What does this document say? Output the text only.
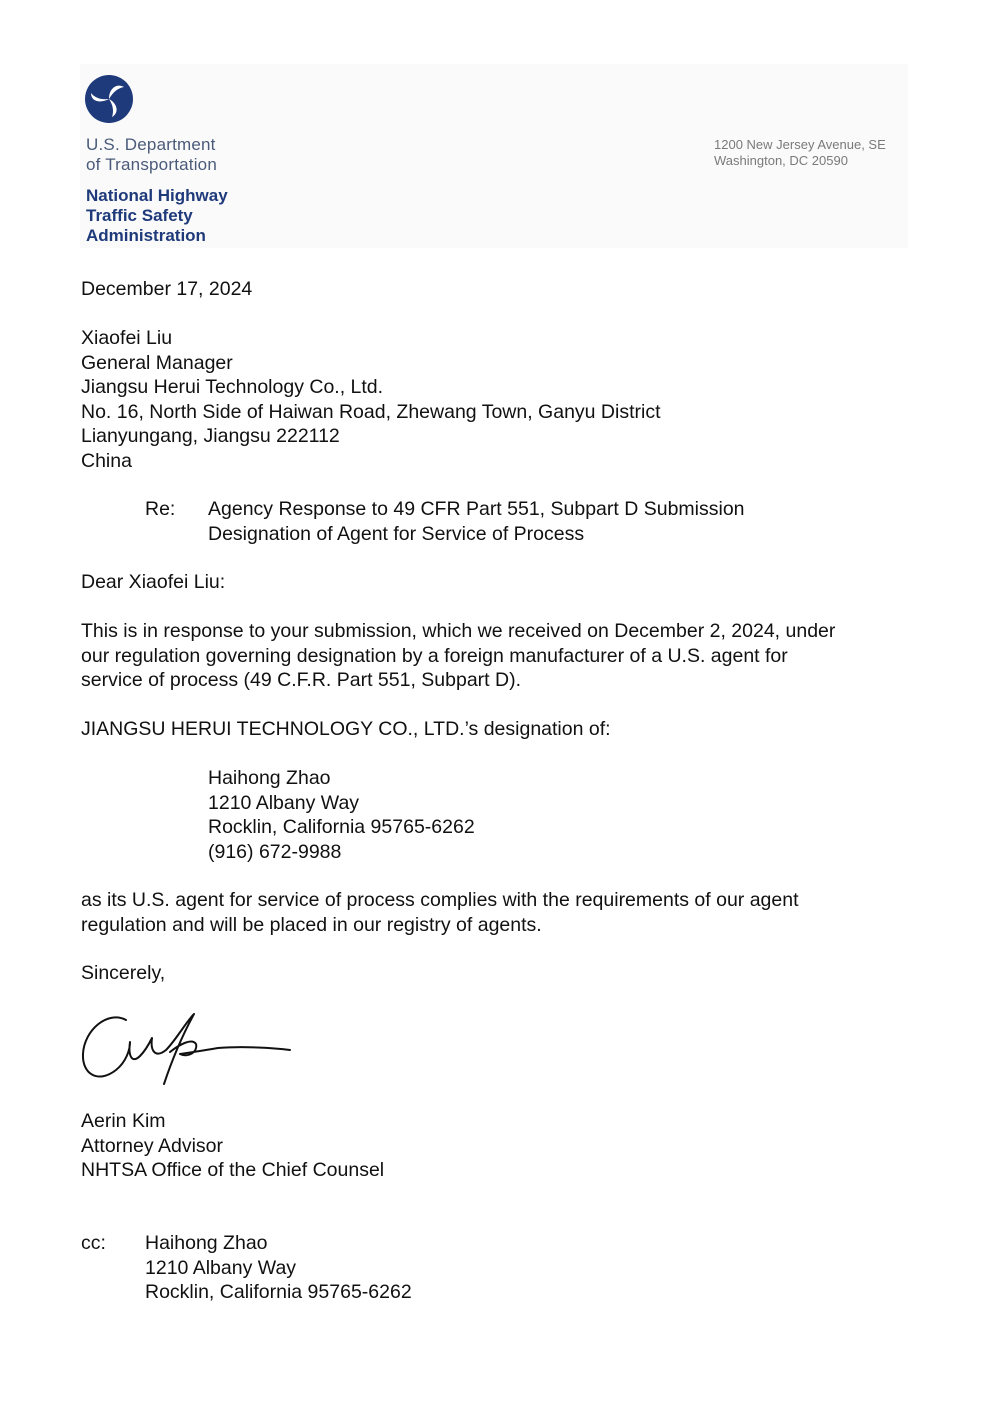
U.S. Department
of Transportation
National Highway
Traffic Safety
Administration
1200 New Jersey Avenue, SE
Washington, DC 20590
December 17, 2024
Xiaofei Liu
General Manager
Jiangsu Herui Technology Co., Ltd.
No. 16, North Side of Haiwan Road, Zhewang Town, Ganyu District
Lianyungang, Jiangsu 222112
China
Re: Agency Response to 49 CFR Part 551, Subpart D Submission
Designation of Agent for Service of Process
Dear Xiaofei Liu:
This is in response to your submission, which we received on December 2, 2024, under
our regulation governing designation by a foreign manufacturer of a U.S. agent for
service of process (49 C.F.R. Part 551, Subpart D).
JIANGSU HERUI TECHNOLOGY CO., LTD.’s designation of:
Haihong Zhao
1210 Albany Way
Rocklin, California 95765-6262
(916) 672-9988
as its U.S. agent for service of process complies with the requirements of our agent
regulation and will be placed in our registry of agents.
Sincerely,
Aerin Kim
Attorney Advisor
NHTSA Office of the Chief Counsel
cc: Haihong Zhao
1210 Albany Way
Rocklin, California 95765-6262
